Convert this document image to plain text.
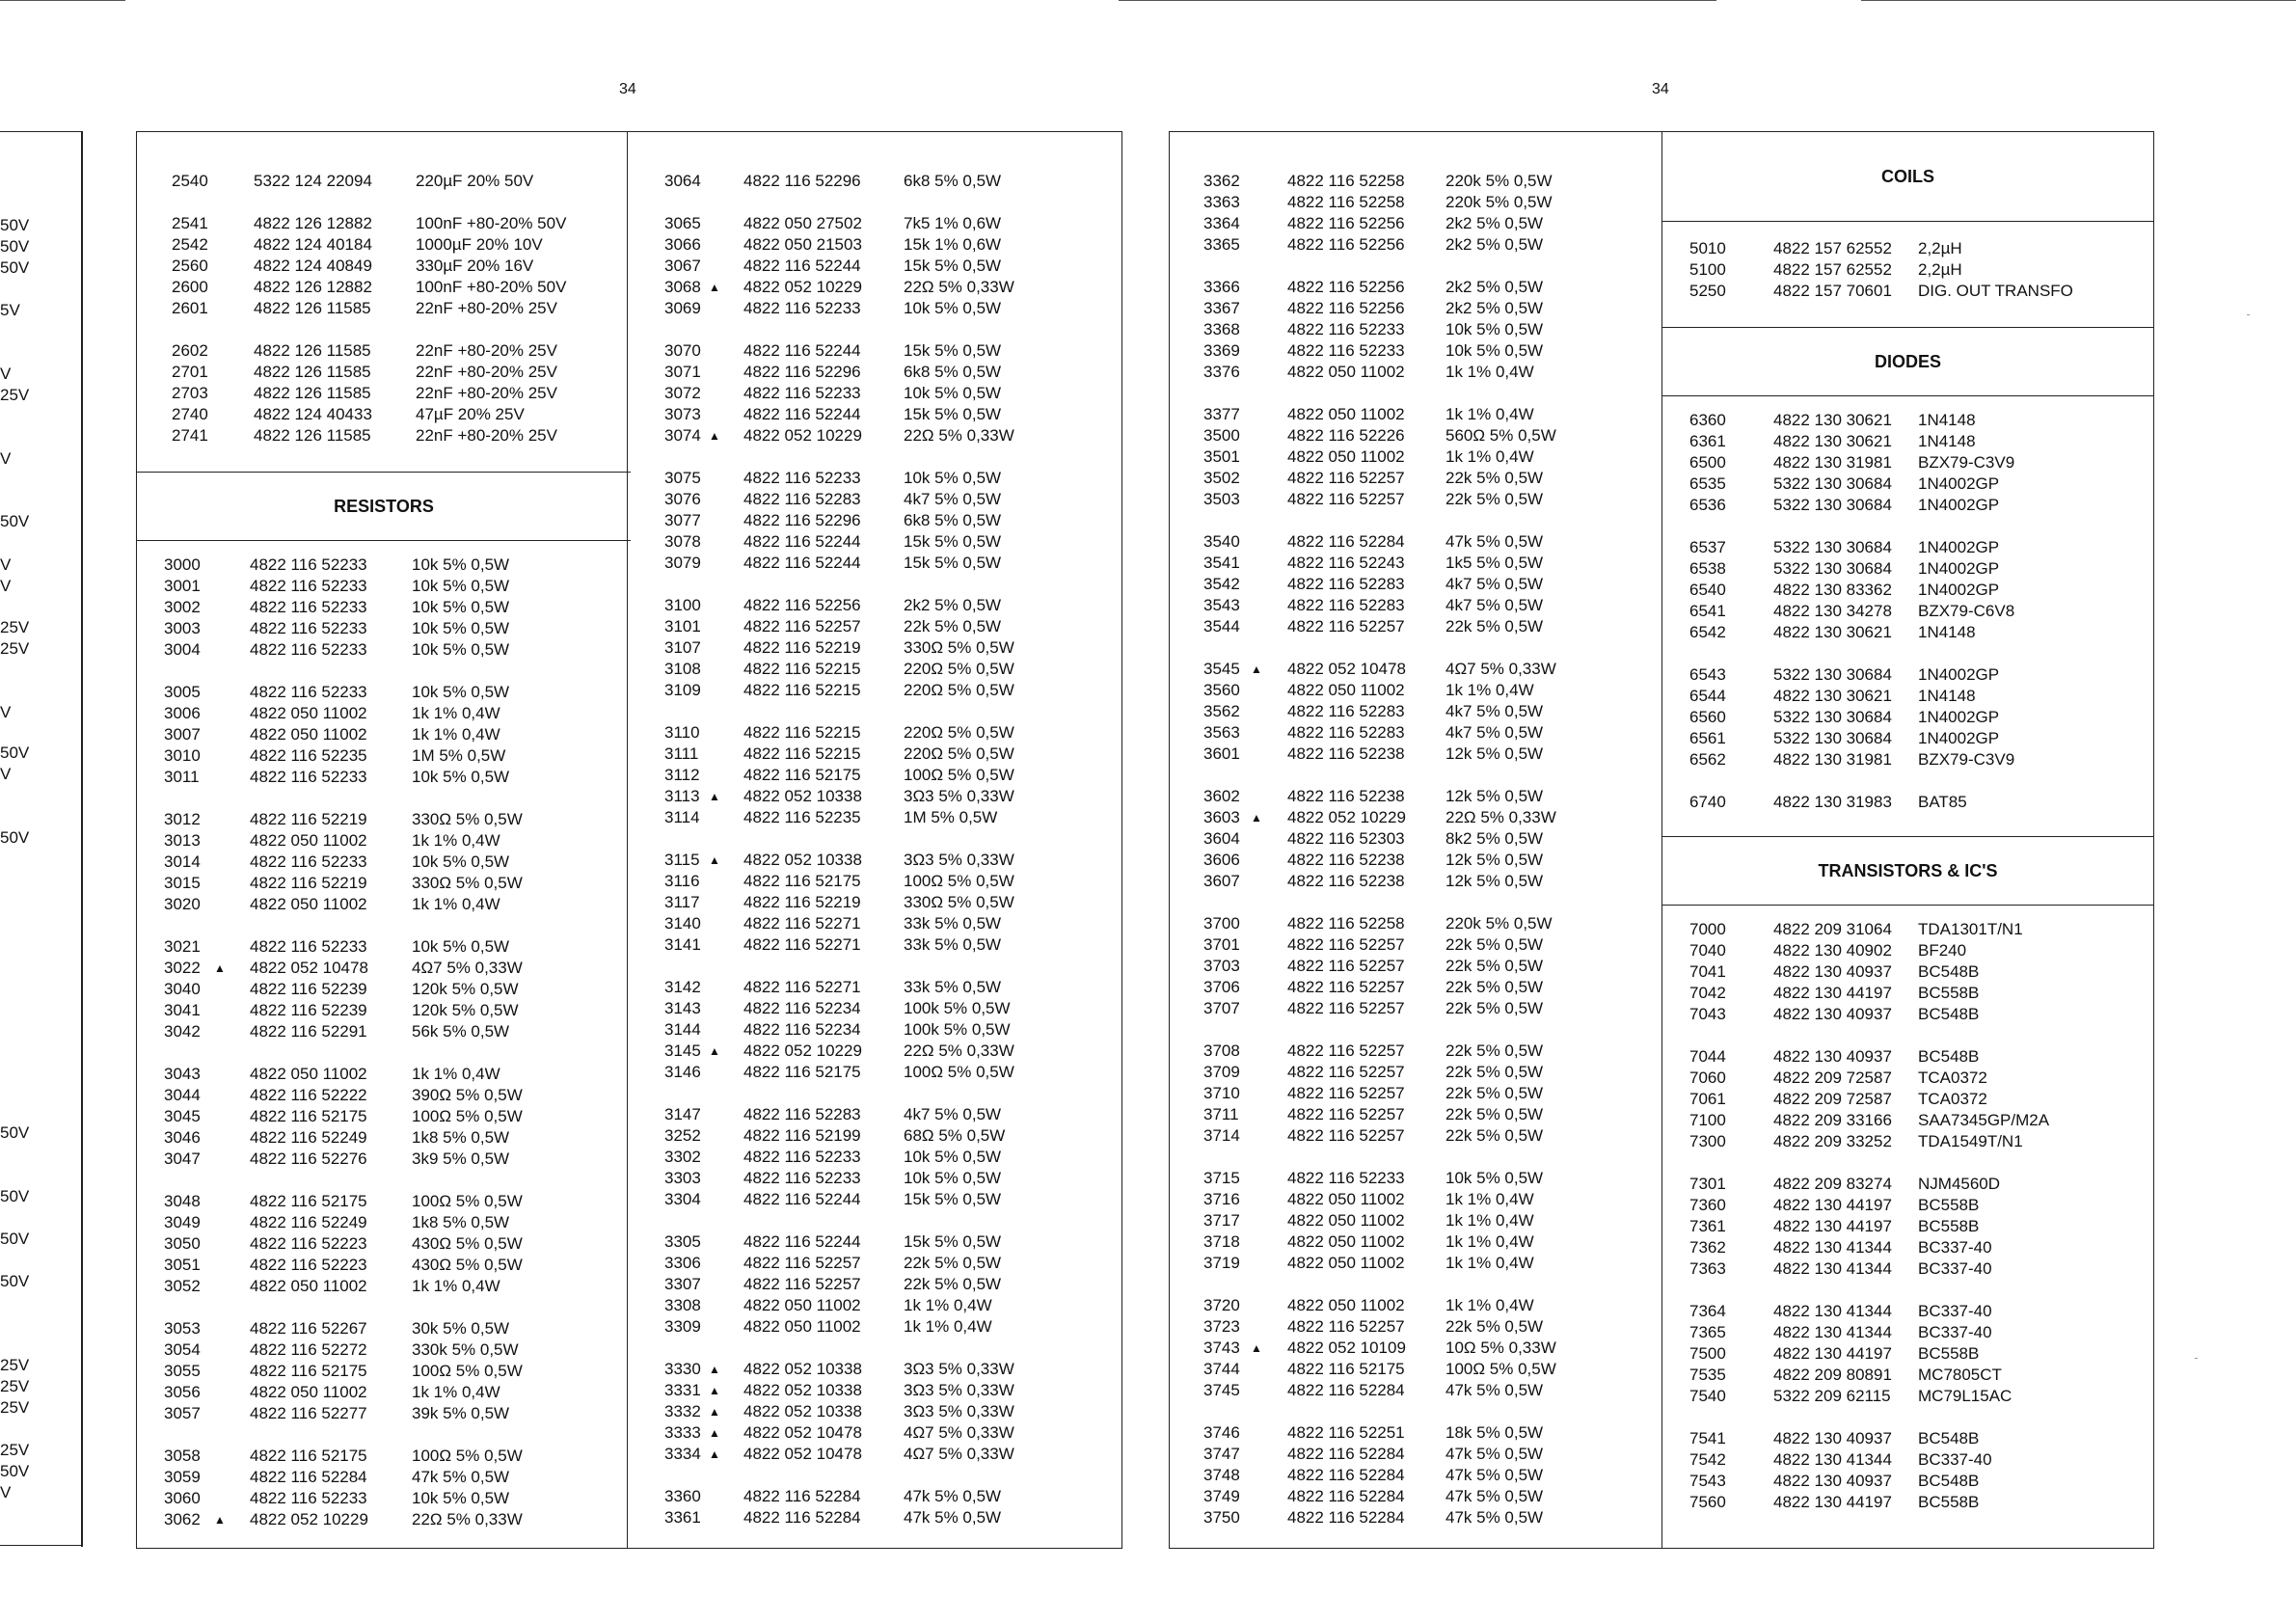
50V
50V
50V
5V
V
25V
V
50V
V
V
25V
25V
V
50V
V
50V
50V
50V
50V
50V
25V
25V
25V
25V
50V
V
34	34
2540	5322 124 22094	220µF 20% 50V
2541	4822 126 12882	100nF +80-20% 50V
2542	4822 124 40184	1000µF 20% 10V
2560	4822 124 40849	330µF 20% 16V
2600	4822 126 12882	100nF +80-20% 50V
2601	4822 126 11585	22nF +80-20% 25V
2602	4822 126 11585	22nF +80-20% 25V
2701	4822 126 11585	22nF +80-20% 25V
2703	4822 126 11585	22nF +80-20% 25V
2740	4822 124 40433	47µF 20% 25V
2741	4822 126 11585	22nF +80-20% 25V
RESISTORS
3000	4822 116 52233	10k 5% 0,5W
3001	4822 116 52233	10k 5% 0,5W
3002	4822 116 52233	10k 5% 0,5W
3003	4822 116 52233	10k 5% 0,5W
3004	4822 116 52233	10k 5% 0,5W
3005	4822 116 52233	10k 5% 0,5W
3006	4822 050 11002	1k 1% 0,4W
3007	4822 050 11002	1k 1% 0,4W
3010	4822 116 52235	1M 5% 0,5W
3011	4822 116 52233	10k 5% 0,5W
3012	4822 116 52219	330Ω 5% 0,5W
3013	4822 050 11002	1k 1% 0,4W
3014	4822 116 52233	10k 5% 0,5W
3015	4822 116 52219	330Ω 5% 0,5W
3020	4822 050 11002	1k 1% 0,4W
3021	4822 116 52233	10k 5% 0,5W
3022 ▲ 4822 052 10478	4Ω7 5% 0,33W
3040	4822 116 52239	120k 5% 0,5W
3041	4822 116 52239	120k 5% 0,5W
3042	4822 116 52291	56k 5% 0,5W
3043	4822 050 11002	1k 1% 0,4W
3044	4822 116 52222	390Ω 5% 0,5W
3045	4822 116 52175	100Ω 5% 0,5W
3046	4822 116 52249	1k8 5% 0,5W
3047	4822 116 52276	3k9 5% 0,5W
3048	4822 116 52175	100Ω 5% 0,5W
3049	4822 116 52249	1k8 5% 0,5W
3050	4822 116 52223	430Ω 5% 0,5W
3051	4822 116 52223	430Ω 5% 0,5W
3052	4822 050 11002	1k 1% 0,4W
3053	4822 116 52267	30k 5% 0,5W
3054	4822 116 52272	330k 5% 0,5W
3055	4822 116 52175	100Ω 5% 0,5W
3056	4822 050 11002	1k 1% 0,4W
3057	4822 116 52277	39k 5% 0,5W
3058	4822 116 52175	100Ω 5% 0,5W
3059	4822 116 52284	47k 5% 0,5W
3060	4822 116 52233	10k 5% 0,5W
3062 ▲ 4822 052 10229	22Ω 5% 0,33W
3064	4822 116 52296	6k8 5% 0,5W
3065	4822 050 27502	7k5 1% 0,6W
3066	4822 050 21503	15k 1% 0,6W
3067	4822 116 52244	15k 5% 0,5W
3068 ▲ 4822 052 10229	22Ω 5% 0,33W
3069	4822 116 52233	10k 5% 0,5W
3070	4822 116 52244	15k 5% 0,5W
3071	4822 116 52296	6k8 5% 0,5W
3072	4822 116 52233	10k 5% 0,5W
3073	4822 116 52244	15k 5% 0,5W
3074 ▲ 4822 052 10229	22Ω 5% 0,33W
3075	4822 116 52233	10k 5% 0,5W
3076	4822 116 52283	4k7 5% 0,5W
3077	4822 116 52296	6k8 5% 0,5W
3078	4822 116 52244	15k 5% 0,5W
3079	4822 116 52244	15k 5% 0,5W
3100	4822 116 52256	2k2 5% 0,5W
3101	4822 116 52257	22k 5% 0,5W
3107	4822 116 52219	330Ω 5% 0,5W
3108	4822 116 52215	220Ω 5% 0,5W
3109	4822 116 52215	220Ω 5% 0,5W
3110	4822 116 52215	220Ω 5% 0,5W
3111	4822 116 52215	220Ω 5% 0,5W
3112	4822 116 52175	100Ω 5% 0,5W
3113 ▲ 4822 052 10338	3Ω3 5% 0,33W
3114	4822 116 52235	1M 5% 0,5W
3115 ▲ 4822 052 10338	3Ω3 5% 0,33W
3116	4822 116 52175	100Ω 5% 0,5W
3117	4822 116 52219	330Ω 5% 0,5W
3140	4822 116 52271	33k 5% 0,5W
3141	4822 116 52271	33k 5% 0,5W
3142	4822 116 52271	33k 5% 0,5W
3143	4822 116 52234	100k 5% 0,5W
3144	4822 116 52234	100k 5% 0,5W
3145 ▲ 4822 052 10229	22Ω 5% 0,33W
3146	4822 116 52175	100Ω 5% 0,5W
3147	4822 116 52283	4k7 5% 0,5W
3252	4822 116 52199	68Ω 5% 0,5W
3302	4822 116 52233	10k 5% 0,5W
3303	4822 116 52233	10k 5% 0,5W
3304	4822 116 52244	15k 5% 0,5W
3305	4822 116 52244	15k 5% 0,5W
3306	4822 116 52257	22k 5% 0,5W
3307	4822 116 52257	22k 5% 0,5W
3308	4822 050 11002	1k 1% 0,4W
3309	4822 050 11002	1k 1% 0,4W
3330 ▲ 4822 052 10338	3Ω3 5% 0,33W
3331 ▲ 4822 052 10338	3Ω3 5% 0,33W
3332 ▲ 4822 052 10338	3Ω3 5% 0,33W
3333 ▲ 4822 052 10478	4Ω7 5% 0,33W
3334 ▲ 4822 052 10478	4Ω7 5% 0,33W
3360	4822 116 52284	47k 5% 0,5W
3361	4822 116 52284	47k 5% 0,5W
3362	4822 116 52258 220k 5% 0,5W
3363	4822 116 52258 220k 5% 0,5W
3364	4822 116 52256 2k2 5% 0,5W
3365	4822 116 52256 2k2 5% 0,5W
3366	4822 116 52256 2k2 5% 0,5W
3367	4822 116 52256 2k2 5% 0,5W
3368	4822 116 52233 10k 5% 0,5W
3369	4822 116 52233 10k 5% 0,5W
3376	4822 050 11002 1k 1% 0,4W
3377	4822 050 11002 1k 1% 0,4W
3500	4822 116 52226 560Ω 5% 0,5W
3501	4822 050 11002 1k 1% 0,4W
3502	4822 116 52257 22k 5% 0,5W
3503	4822 116 52257 22k 5% 0,5W
3540	4822 116 52284 47k 5% 0,5W
3541	4822 116 52243 1k5 5% 0,5W
3542	4822 116 52283 4k7 5% 0,5W
3543	4822 116 52283 4k7 5% 0,5W
3544	4822 116 52257 22k 5% 0,5W
3545 ▲ 4822 052 10478 4Ω7 5% 0,33W
3560	4822 050 11002 1k 1% 0,4W
3562	4822 116 52283 4k7 5% 0,5W
3563	4822 116 52283 4k7 5% 0,5W
3601	4822 116 52238 12k 5% 0,5W
3602	4822 116 52238 12k 5% 0,5W
3603 ▲ 4822 052 10229 22Ω 5% 0,33W
3604	4822 116 52303 8k2 5% 0,5W
3606	4822 116 52238 12k 5% 0,5W
3607	4822 116 52238 12k 5% 0,5W
3700	4822 116 52258 220k 5% 0,5W
3701	4822 116 52257 22k 5% 0,5W
3703	4822 116 52257 22k 5% 0,5W
3706	4822 116 52257 22k 5% 0,5W
3707	4822 116 52257 22k 5% 0,5W
3708	4822 116 52257 22k 5% 0,5W
3709	4822 116 52257 22k 5% 0,5W
3710	4822 116 52257 22k 5% 0,5W
3711	4822 116 52257 22k 5% 0,5W
3714	4822 116 52257 22k 5% 0,5W
3715	4822 116 52233 10k 5% 0,5W
3716	4822 050 11002 1k 1% 0,4W
3717	4822 050 11002 1k 1% 0,4W
3718	4822 050 11002 1k 1% 0,4W
3719	4822 050 11002 1k 1% 0,4W
3720	4822 050 11002 1k 1% 0,4W
3723	4822 116 52257 22k 5% 0,5W
3743 ▲ 4822 052 10109 10Ω 5% 0,33W
3744	4822 116 52175 100Ω 5% 0,5W
3745	4822 116 52284 47k 5% 0,5W
3746	4822 116 52251 18k 5% 0,5W
3747	4822 116 52284 47k 5% 0,5W
3748	4822 116 52284 47k 5% 0,5W
3749	4822 116 52284 47k 5% 0,5W
3750	4822 116 52284 47k 5% 0,5W
COILS
5010	4822 157 62552 2,2µH
5100	4822 157 62552 2,2µH
5250	4822 157 70601 DIG. OUT TRANSFO
DIODES
6360	4822 130 30621 1N4148
6361	4822 130 30621 1N4148
6500	4822 130 31981 BZX79-C3V9
6535	5322 130 30684 1N4002GP
6536	5322 130 30684 1N4002GP
6537	5322 130 30684 1N4002GP
6538	5322 130 30684 1N4002GP
6540	4822 130 83362 1N4002GP
6541	4822 130 34278 BZX79-C6V8
6542	4822 130 30621 1N4148
6543	5322 130 30684 1N4002GP
6544	4822 130 30621 1N4148
6560	5322 130 30684 1N4002GP
6561	5322 130 30684 1N4002GP
6562	4822 130 31981 BZX79-C3V9
6740	4822 130 31983 BAT85
TRANSISTORS & IC'S
7000	4822 209 31064 TDA1301T/N1
7040	4822 130 40902 BF240
7041	4822 130 40937 BC548B
7042	4822 130 44197 BC558B
7043	4822 130 40937 BC548B
7044	4822 130 40937 BC548B
7060	4822 209 72587 TCA0372
7061	4822 209 72587 TCA0372
7100	4822 209 33166 SAA7345GP/M2A
7300	4822 209 33252 TDA1549T/N1
7301	4822 209 83274 NJM4560D
7360	4822 130 44197 BC558B
7361	4822 130 44197 BC558B
7362	4822 130 41344 BC337-40
7363	4822 130 41344 BC337-40
7364	4822 130 41344 BC337-40
7365	4822 130 41344 BC337-40
7500	4822 130 44197 BC558B
7535	4822 209 80891 MC7805CT
7540	5322 209 62115 MC79L15AC
7541	4822 130 40937 BC548B
7542	4822 130 41344 BC337-40
7543	4822 130 40937 BC548B
7560	4822 130 44197 BC558B
